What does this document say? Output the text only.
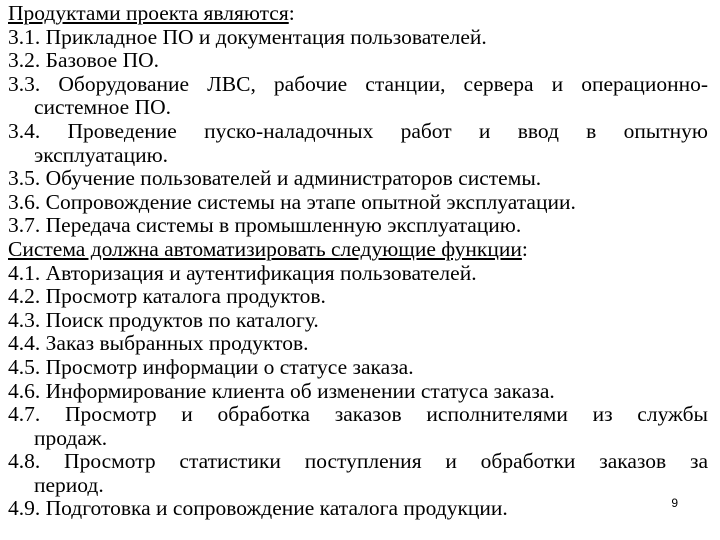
Продуктами проекта являются:
3.1. Прикладное ПО и документация пользователей.
3.2. Базовое ПО.
3.3. Оборудование ЛВС, рабочие станции, сервера и операционно-
системное ПО.
3.4. Проведение пуско-наладочных работ и ввод в опытную
эксплуатацию.
3.5. Обучение пользователей и администраторов системы.
3.6. Сопровождение системы на этапе опытной эксплуатации.
3.7. Передача системы в промышленную эксплуатацию.
Система должна автоматизировать следующие функции:
4.1. Авторизация и аутентификация пользователей.
4.2. Просмотр каталога продуктов.
4.3. Поиск продуктов по каталогу.
4.4. Заказ выбранных продуктов.
4.5. Просмотр информации о статусе заказа.
4.6. Информирование клиента об изменении статуса заказа.
4.7. Просмотр и обработка заказов исполнителями из службы
продаж.
4.8. Просмотр статистики поступления и обработки заказов за
период.
4.9. Подготовка и сопровождение каталога продукции.	9
